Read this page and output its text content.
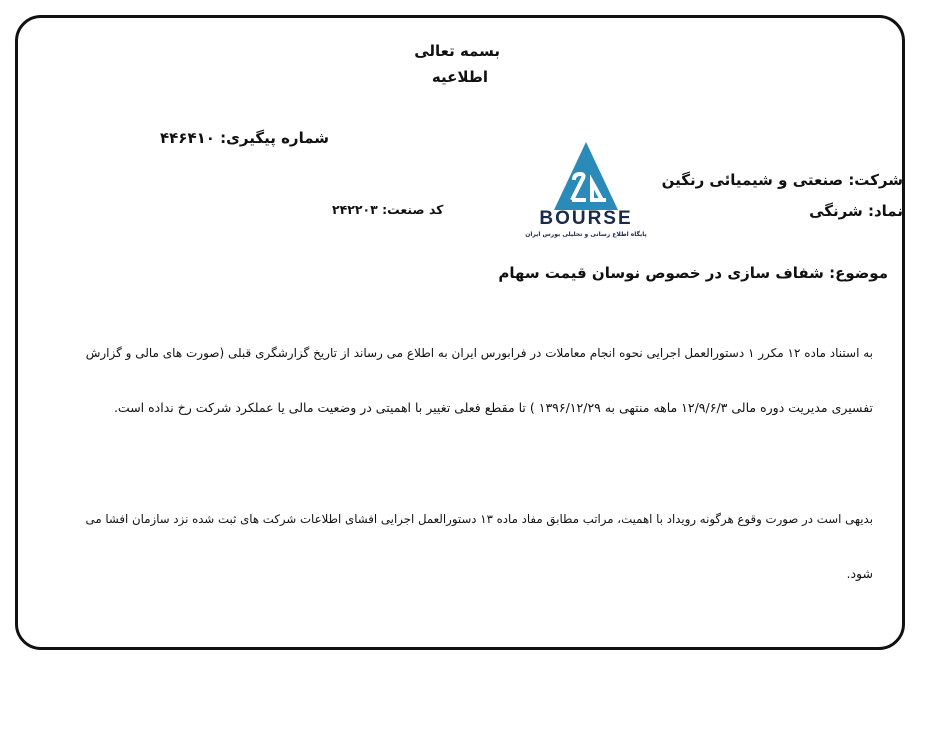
بسمه تعالی
اطلاعیه
شماره پیگیری: ۴۴۶۴۱۰
کد صنعت: ۲۴۲۲۰۳	BOURSE
پایگاه اطلاع رسانی و تحلیلی بورس ایران
شرکت: صنعتی و شیمیائی رنگین
نماد: شرنگی
موضوع: شفاف سازی در خصوص نوسان قیمت سهام
به استناد ماده ۱۲ مکرر ۱ دستورالعمل اجرایی نحوه انجام معاملات در فرابورس ایران به اطلاع می رساند از تاریخ گزارشگری قبلی (صورت های مالی و گزارش
تفسیری مدیریت دوره مالی ۱۲/۹/۶/۳ ماهه منتهی به ۱۳۹۶/۱۲/۲۹ ) تا مقطع فعلی تغییر با اهمیتی در وضعیت مالی یا عملکرد شرکت رخ نداده است.
بدیهی است در صورت وقوع هرگونه رویداد با اهمیت، مراتب مطابق مفاد ماده ۱۳ دستورالعمل اجرایی افشای اطلاعات شرکت های ثبت شده نزد سازمان افشا می
شود.
